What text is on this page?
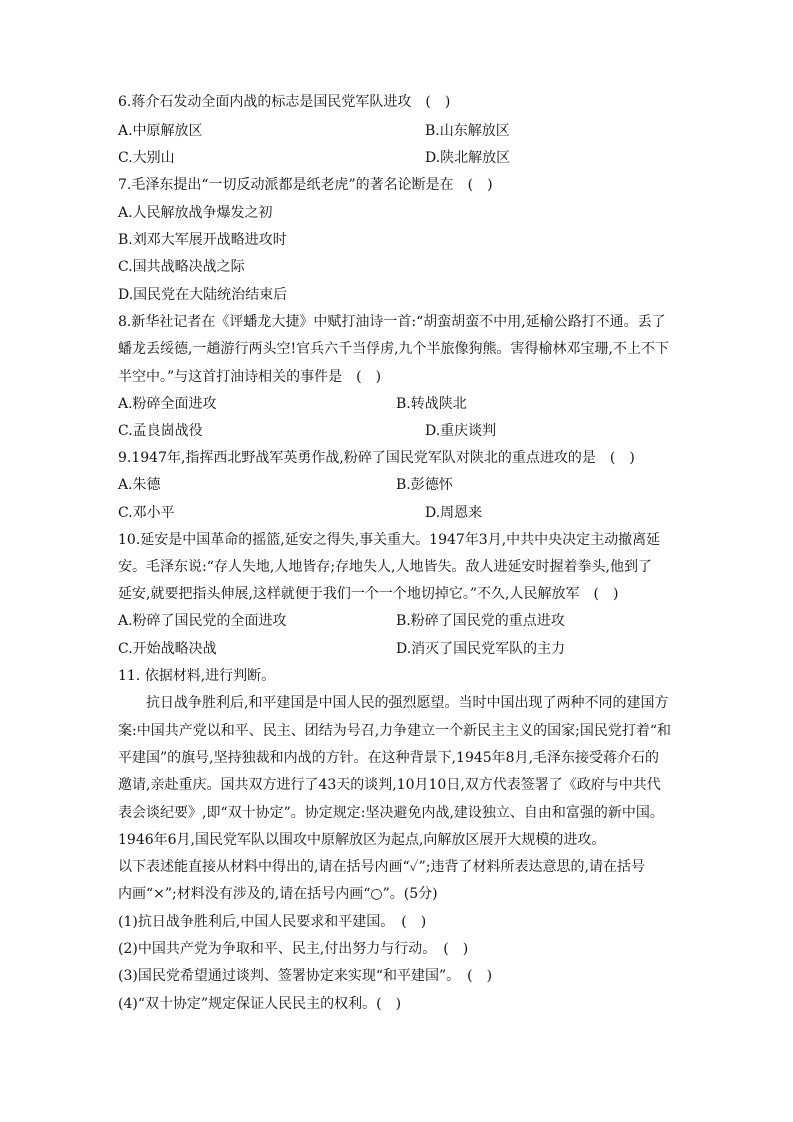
6.蒋介石发动全面内战的标志是国民党军队进攻　(　)
A.中原解放区	B.山东解放区
C.大别山	D.陕北解放区
7.毛泽东提出“一切反动派都是纸老虎”的著名论断是在　(　)
A.人民解放战争爆发之初
B.刘邓大军展开战略进攻时
C.国共战略决战之际
D.国民党在大陆统治结束后
8.新华社记者在《评蟠龙大捷》中赋打油诗一首:“胡蛮胡蛮不中用,延榆公路打不通。丢了
蟠龙丢绥德,一趟游行两头空!官兵六千当俘虏,九个半旅像狗熊。害得榆林邓宝珊,不上不下
半空中。”与这首打油诗相关的事件是　(　)
A.粉碎全面进攻	B.转战陕北
C.孟良崮战役	D.重庆谈判
9.1947年,指挥西北野战军英勇作战,粉碎了国民党军队对陕北的重点进攻的是　(　)
A.朱德	B.彭德怀
C.邓小平	D.周恩来
10.延安是中国革命的摇篮,延安之得失,事关重大。1947年3月,中共中央决定主动撤离延
安。毛泽东说:“存人失地,人地皆存;存地失人,人地皆失。敌人进延安时握着拳头,他到了
延安,就要把指头伸展,这样就便于我们一个一个地切掉它。”不久,人民解放军　(　)
A.粉碎了国民党的全面进攻	B.粉碎了国民党的重点进攻
C.开始战略决战	D.消灭了国民党军队的主力
11. 依据材料,进行判断。
抗日战争胜利后,和平建国是中国人民的强烈愿望。当时中国出现了两种不同的建国方
案:中国共产党以和平、民主、团结为号召,力争建立一个新民主主义的国家;国民党打着“和
平建国”的旗号,坚持独裁和内战的方针。在这种背景下,1945年8月,毛泽东接受蒋介石的
邀请,亲赴重庆。国共双方进行了43天的谈判,10月10日,双方代表签署了《政府与中共代
表会谈纪要》,即“双十协定”。协定规定:坚决避免内战,建设独立、自由和富强的新中国。
1946年6月,国民党军队以围攻中原解放区为起点,向解放区展开大规模的进攻。
以下表述能直接从材料中得出的,请在括号内画“✓”;违背了材料所表达意思的,请在括号
内画“×”;材料没有涉及的,请在括号内画“○”。(5分)
(1)抗日战争胜利后,中国人民要求和平建国。　(　)
(2)中国共产党为争取和平、民主,付出努力与行动。　(　)
(3)国民党希望通过谈判、签署协定来实现“和平建国”。　(　)
(4)“双十协定”规定保证人民民主的权利。(　)
